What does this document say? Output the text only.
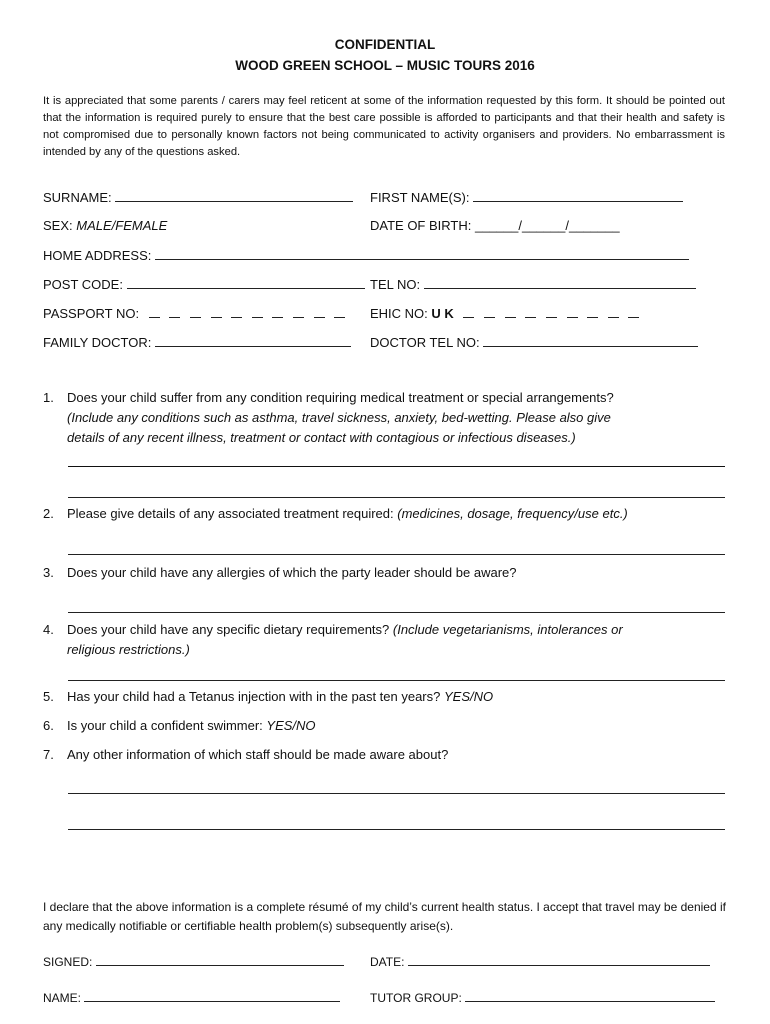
CONFIDENTIAL
WOOD GREEN SCHOOL – MUSIC TOURS 2016
It is appreciated that some parents / carers may feel reticent at some of the information requested by this form. It should be pointed out that the information is required purely to ensure that the best care possible is afforded to participants and that their health and safety is not compromised due to personally known factors not being communicated to activity organisers and providers. No embarrassment is intended by any of the questions asked.
SURNAME:	FIRST NAME(S):
SEX: MALE/FEMALE	DATE OF BIRTH: ______/______/_______
HOME ADDRESS:
POST CODE:	TEL NO:
PASSPORT NO:	EHIC NO: U K
FAMILY DOCTOR:	DOCTOR TEL NO:
1.	Does your child suffer from any condition requiring medical treatment or special arrangements?
(Include any conditions such as asthma, travel sickness, anxiety, bed-wetting. Please also give
details of any recent illness, treatment or contact with contagious or infectious diseases.)
2.	Please give details of any associated treatment required: (medicines, dosage, frequency/use etc.)
3.	Does your child have any allergies of which the party leader should be aware?
4.	Does your child have any specific dietary requirements? (Include vegetarianisms, intolerances or
religious restrictions.)
5.	Has your child had a Tetanus injection with in the past ten years? YES/NO
6.	Is your child a confident swimmer: YES/NO
7.	Any other information of which staff should be made aware about?
I declare that the above information is a complete résumé of my child’s current health status. I accept that travel may be denied if any medically notifiable or certifiable health problem(s) subsequently arise(s).
SIGNED:	DATE:
NAME:	TUTOR GROUP:
